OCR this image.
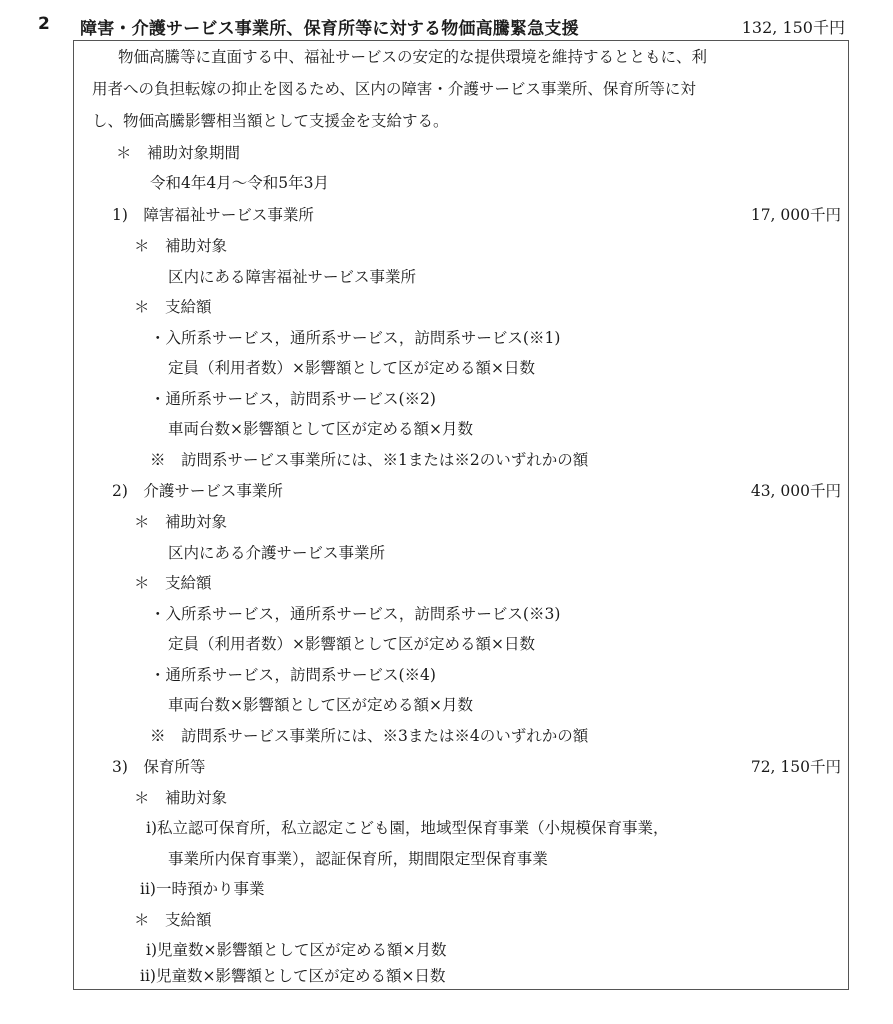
2 障害・介護サービス事業所、保育所等に対する物価高騰緊急支援	132, 150千円
物価高騰等に直面する中、福祉サービスの安定的な提供環境を維持するとともに、利
用者への負担転嫁の抑止を図るため、区内の障害・介護サービス事業所、保育所等に対
し、物価高騰影響相当額として支援金を支給する。
＊　補助対象期間
令和4年4月～令和5年3月
1)　障害福祉サービス事業所	17, 000千円
＊　補助対象
区内にある障害福祉サービス事業所
＊　支給額
・入所系サービス，通所系サービス，訪問系サービス(※1)
定員（利用者数）×影響額として区が定める額×日数
・通所系サービス，訪問系サービス(※2)
車両台数×影響額として区が定める額×月数
※　訪問系サービス事業所には、※1または※2のいずれかの額
2)　介護サービス事業所	43, 000千円
＊　補助対象
区内にある介護サービス事業所
＊　支給額
・入所系サービス，通所系サービス，訪問系サービス(※3)
定員（利用者数）×影響額として区が定める額×日数
・通所系サービス，訪問系サービス(※4)
車両台数×影響額として区が定める額×月数
※　訪問系サービス事業所には、※3または※4のいずれかの額
3)　保育所等	72, 150千円
＊　補助対象
i)私立認可保育所，私立認定こども園，地域型保育事業（小規模保育事業，
事業所内保育事業），認証保育所，期間限定型保育事業
ii)一時預かり事業
＊　支給額
i)児童数×影響額として区が定める額×月数
ii)児童数×影響額として区が定める額×日数
